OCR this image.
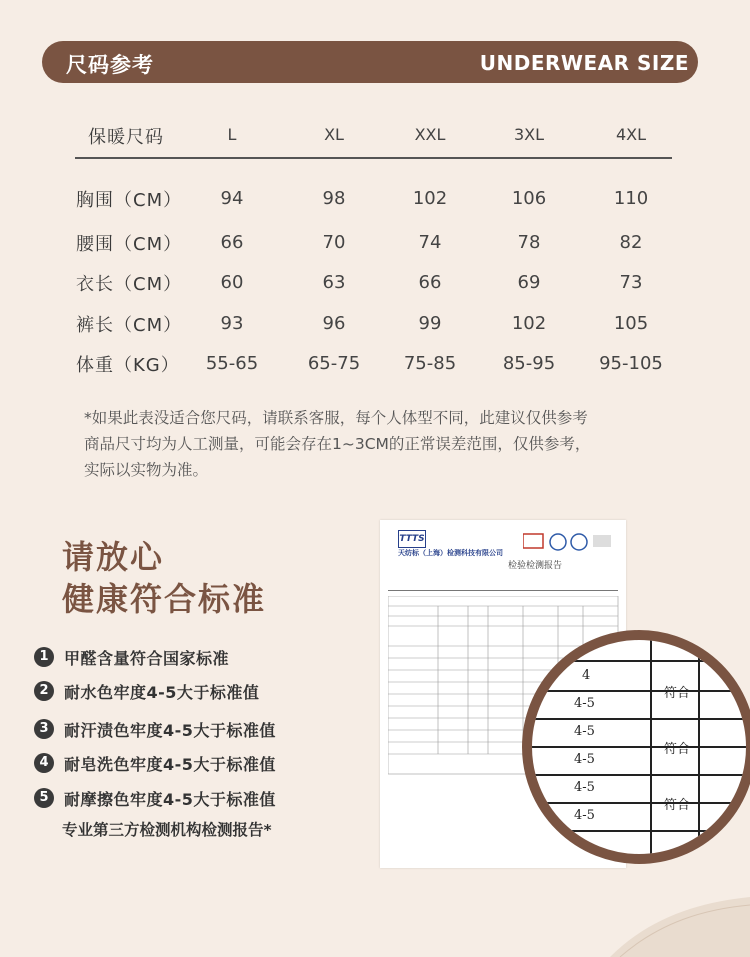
尺码参考	UNDERWEAR SIZE
保暖尺码	L	XL	XXL	3XL	4XL
胸围（CM）	94	98	102	106	110
腰围（CM）	66	70	74	78	82
衣长（CM）	60	63	66	69	73
裤长（CM）	93	96	99	102	105
体重（KG）	55-65	65-75	75-85	85-95	95-105
*如果此表没适合您尺码，请联系客服，每个人体型不同，此建议仅供参考
商品尺寸均为人工测量，可能会存在1~3CM的正常误差范围，仅供参考，
实际以实物为准。
请放心
健康符合标准
1 甲醛含量符合国家标准
2 耐水色牢度4-5大于标准值
3 耐汗渍色牢度4-5大于标准值
4 耐皂洗色牢度4-5大于标准值
5 耐摩擦色牢度4-5大于标准值
专业第三方检测机构检测报告*
TTTS
天纺标（上海）检测科技有限公司
检验检测报告
4
4-5
4-5
4-5
4-5
4-5
符合
符合
符合
